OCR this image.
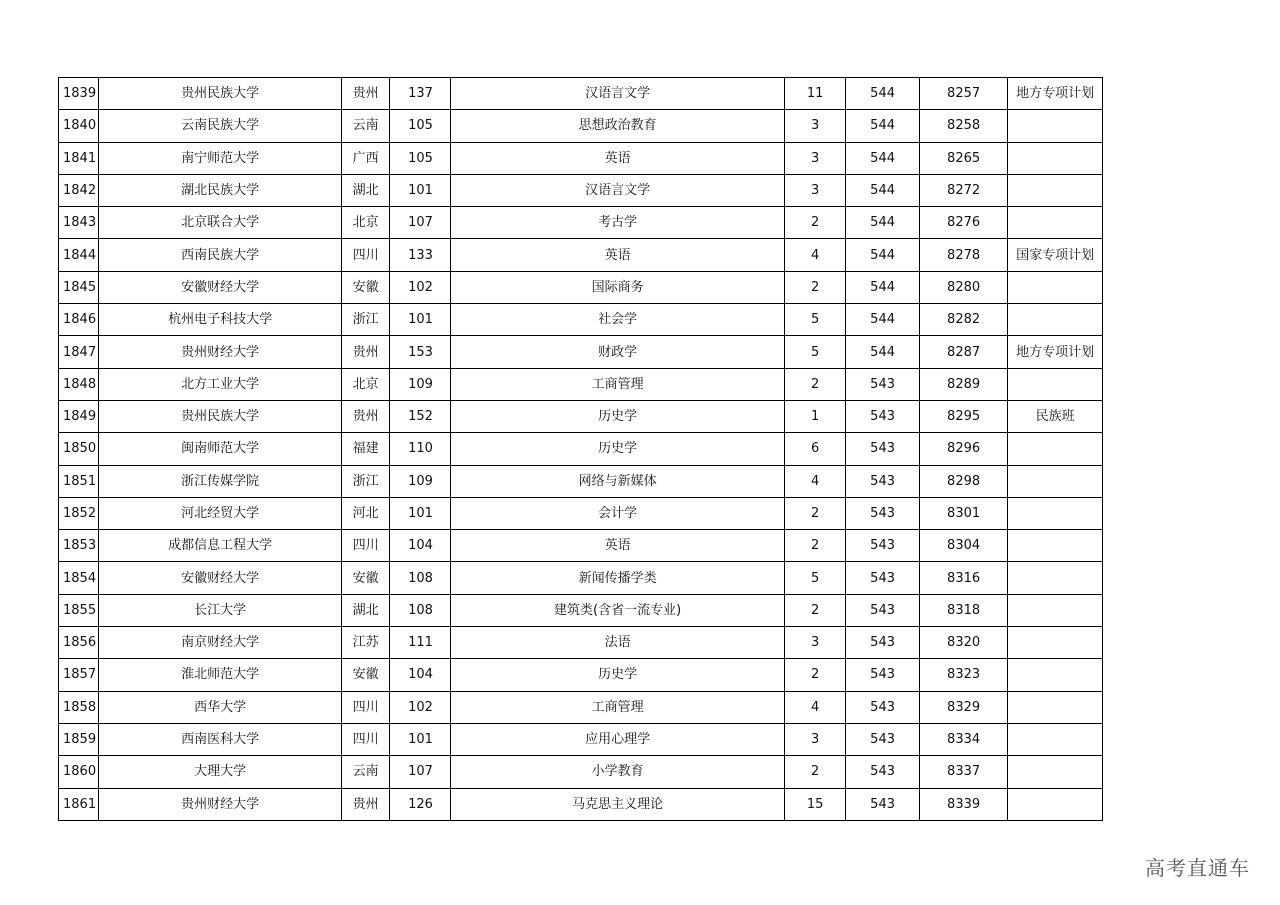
1839	贵州民族大学	贵州	137	汉语言文学	11	544	8257	地方专项计划
1840	云南民族大学	云南	105	思想政治教育	3	544	8258	
1841	南宁师范大学	广西	105	英语	3	544	8265	
1842	湖北民族大学	湖北	101	汉语言文学	3	544	8272	
1843	北京联合大学	北京	107	考古学	2	544	8276	
1844	西南民族大学	四川	133	英语	4	544	8278	国家专项计划
1845	安徽财经大学	安徽	102	国际商务	2	544	8280	
1846	杭州电子科技大学	浙江	101	社会学	5	544	8282	
1847	贵州财经大学	贵州	153	财政学	5	544	8287	地方专项计划
1848	北方工业大学	北京	109	工商管理	2	543	8289	
1849	贵州民族大学	贵州	152	历史学	1	543	8295	民族班
1850	闽南师范大学	福建	110	历史学	6	543	8296	
1851	浙江传媒学院	浙江	109	网络与新媒体	4	543	8298	
1852	河北经贸大学	河北	101	会计学	2	543	8301	
1853	成都信息工程大学	四川	104	英语	2	543	8304	
1854	安徽财经大学	安徽	108	新闻传播学类	5	543	8316	
1855	长江大学	湖北	108	建筑类(含省一流专业)	2	543	8318	
1856	南京财经大学	江苏	111	法语	3	543	8320	
1857	淮北师范大学	安徽	104	历史学	2	543	8323	
1858	西华大学	四川	102	工商管理	4	543	8329	
1859	西南医科大学	四川	101	应用心理学	3	543	8334	
1860	大理大学	云南	107	小学教育	2	543	8337	
1861	贵州财经大学	贵州	126	马克思主义理论	15	543	8339	
高考直通车
